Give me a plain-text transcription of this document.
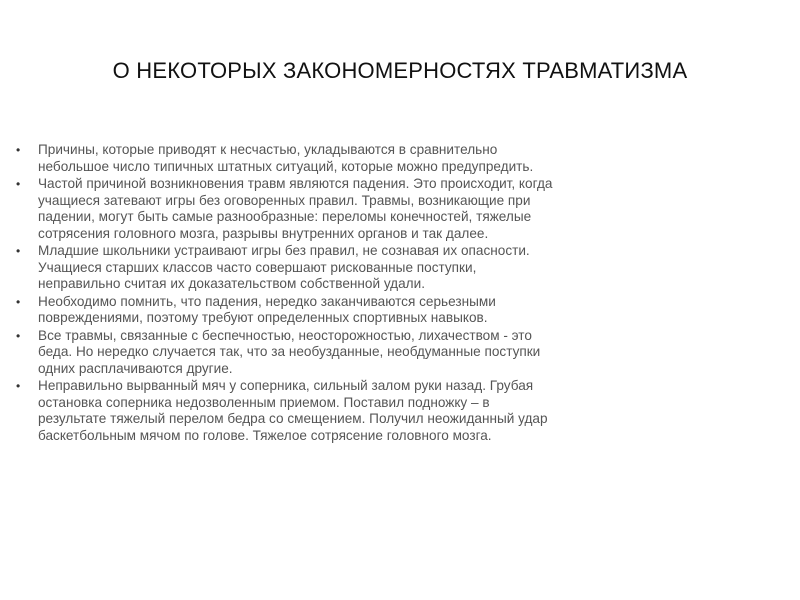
О НЕКОТОРЫХ ЗАКОНОМЕРНОСТЯХ ТРАВМАТИЗМА
• Причины, которые приводят к несчастью, укладываются в сравнительно
небольшое число типичных штатных ситуаций, которые можно предупредить.
• Частой причиной возникновения травм являются падения. Это происходит, когда
учащиеся затевают игры без оговоренных правил. Травмы, возникающие при
падении, могут быть самые разнообразные: переломы конечностей, тяжелые
сотрясения головного мозга, разрывы внутренних органов и так далее.
• Младшие школьники устраивают игры без правил, не сознавая их опасности.
Учащиеся старших классов часто совершают рискованные поступки,
неправильно считая их доказательством собственной удали.
• Необходимо помнить, что падения, нередко заканчиваются серьезными
повреждениями, поэтому требуют определенных спортивных навыков.
• Все травмы, связанные с беспечностью, неосторожностью, лихачеством - это
беда. Но нередко случается так, что за необузданные, необдуманные поступки
одних расплачиваются другие.
• Неправильно вырванный мяч у соперника, сильный залом руки назад. Грубая
остановка соперника недозволенным приемом. Поставил подножку – в
результате тяжелый перелом бедра со смещением. Получил неожиданный удар
баскетбольным мячом по голове. Тяжелое сотрясение головного мозга.
